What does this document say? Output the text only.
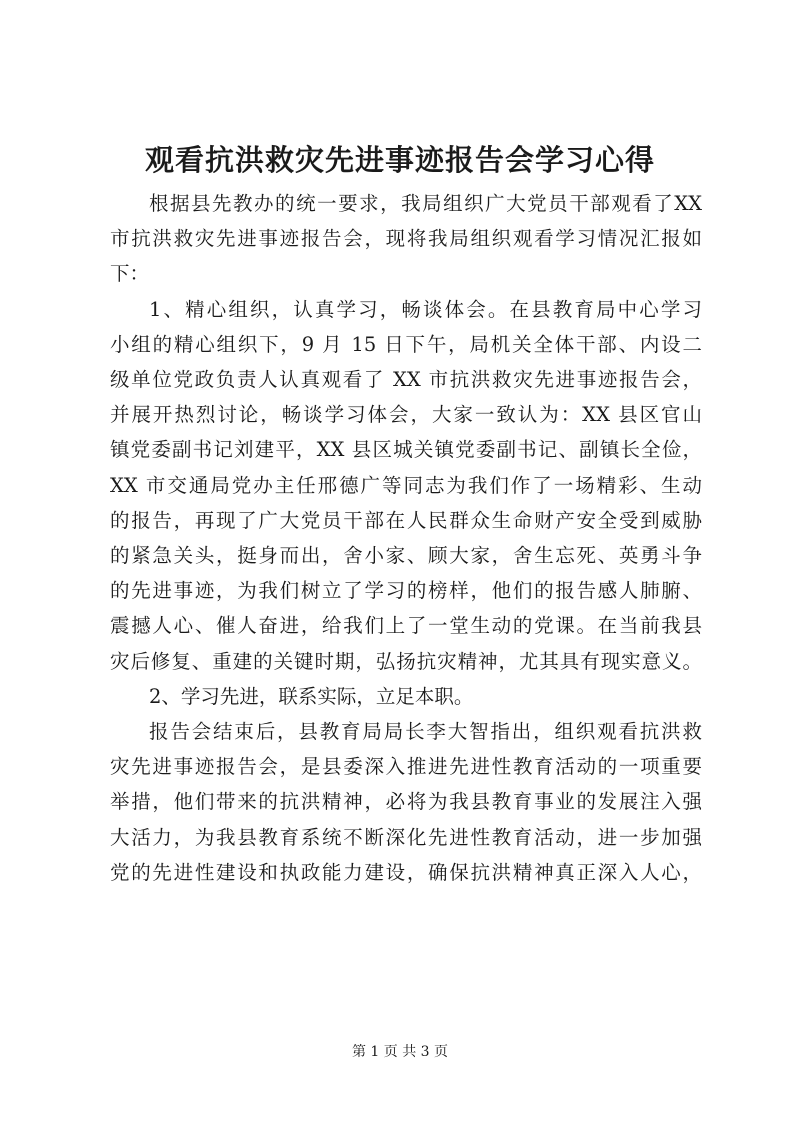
观看抗洪救灾先进事迹报告会学习心得
根据县先教办的统一要求，我局组织广大党员干部观看了XX
市抗洪救灾先进事迹报告会，现将我局组织观看学习情况汇报如
下：
1、精心组织，认真学习，畅谈体会。在县教育局中心学习
小组的精心组织下，9 月 15 日下午，局机关全体干部、内设二
级单位党政负责人认真观看了 XX 市抗洪救灾先进事迹报告会，
并展开热烈讨论，畅谈学习体会，大家一致认为：XX 县区官山
镇党委副书记刘建平，XX 县区城关镇党委副书记、副镇长全俭，
XX 市交通局党办主任邢德广等同志为我们作了一场精彩、生动
的报告，再现了广大党员干部在人民群众生命财产安全受到威胁
的紧急关头，挺身而出，舍小家、顾大家，舍生忘死、英勇斗争
的先进事迹，为我们树立了学习的榜样，他们的报告感人肺腑、
震撼人心、催人奋进，给我们上了一堂生动的党课。在当前我县
灾后修复、重建的关键时期，弘扬抗灾精神，尤其具有现实意义。
2、学习先进，联系实际，立足本职。
报告会结束后，县教育局局长李大智指出，组织观看抗洪救
灾先进事迹报告会，是县委深入推进先进性教育活动的一项重要
举措，他们带来的抗洪精神，必将为我县教育事业的发展注入强
大活力，为我县教育系统不断深化先进性教育活动，进一步加强
党的先进性建设和执政能力建设，确保抗洪精神真正深入人心，
第 1 页 共 3 页
